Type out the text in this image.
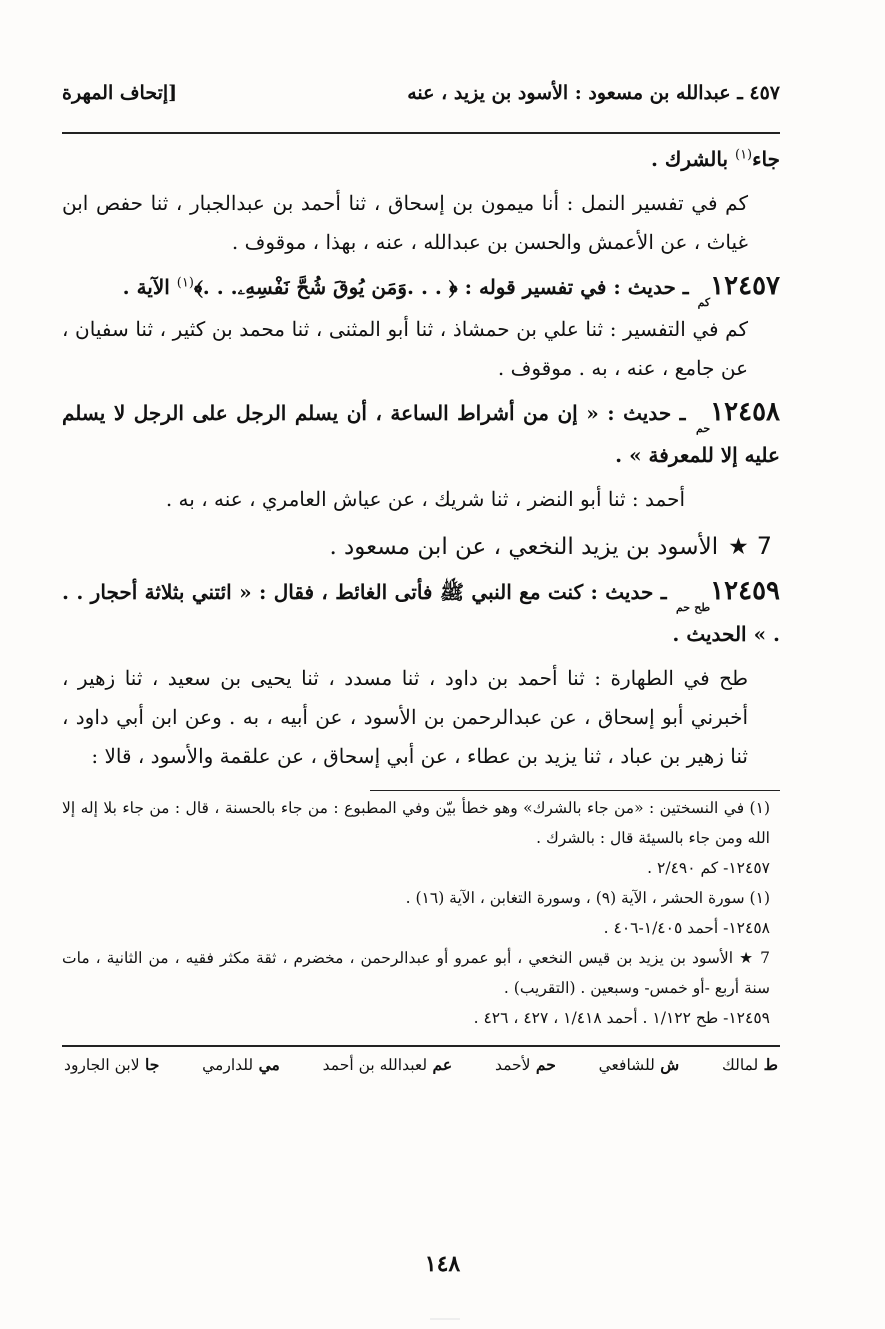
٤٥٧ ـ عبدالله بن مسعود : الأسود بن يزيد ، عنه
[إتحاف المهرة

جاء$^{(١)}$ بالشرك .

كم في تفسير النمل : أنا ميمون بن إسحاق ، ثنا أحمد بن عبدالجبار ، ثنا حفص ابن غياث ، عن الأعمش والحسن بن عبدالله ، عنه ، بهذا ، موقوف .

$١٢٤٥٧_{كم}$ ـ حديث : في تفسير قوله : ﴿ . . .وَمَن يُوقَ شُحَّ نَفْسِهِۦ. . .﴾$^{(١)}$ الآية .

كم في التفسير : ثنا علي بن حمشاذ ، ثنا أبو المثنى ، ثنا محمد بن كثير ، ثنا سفيان ، عن جامع ، عنه ، به . موقوف .

$١٢٤٥٨_{حم}$ ـ حديث : « إن من أشراط الساعة ، أن يسلم الرجل على الرجل لا يسلم عليه إلا للمعرفة » .

أحمد : ثنا أبو النضر ، ثنا شريك ، عن عياش العامري ، عنه ، به .

7★الأسود بن يزيد النخعي ، عن ابن مسعود .

$١٢٤٥٩_{طح حم}$ ـ حديث : كنت مع النبي ﷺ فأتى الغائط ، فقال : « ائتني بثلاثة أحجار . . . » الحديث .

طح في الطهارة : ثنا أحمد بن داود ، ثنا مسدد ، ثنا يحيى بن سعيد ، ثنا زهير ، أخبرني أبو إسحاق ، عن عبدالرحمن بن الأسود ، عن أبيه ، به . وعن ابن أبي داود ، ثنا زهير بن عباد ، ثنا يزيد بن عطاء ، عن أبي إسحاق ، عن علقمة والأسود ، قالا :

(١) في النسختين : «من جاء بالشرك» وهو خطأ بيّن وفي المطبوع : من جاء بالحسنة ، قال : من جاء بلا إله إلا الله ومن جاء بالسيئة قال : بالشرك .

١٢٤٥٧- كم ٢/٤٩٠ .

(١) سورة الحشر ، الآية (٩) ، وسورة التغابن ، الآية (١٦) .

١٢٤٥٨- أحمد ١/٤٠٥-٤٠٦ .

7 ★ الأسود بن يزيد بن قيس النخعي ، أبو عمرو أو عبدالرحمن ، مخضرم ، ثقة مكثر فقيه ، من الثانية ، مات سنة أربع -أو خمس- وسبعين . (التقريب) .

١٢٤٥٩- طح ١/١٢٢ . أحمد ١/٤١٨ ، ٤٢٧ ، ٤٢٦ .

ط لمالك
ش للشافعي
حم لأحمد
عم لعبدالله بن أحمد
مي للدارمي
جا لابن الجارود
١٤٨
